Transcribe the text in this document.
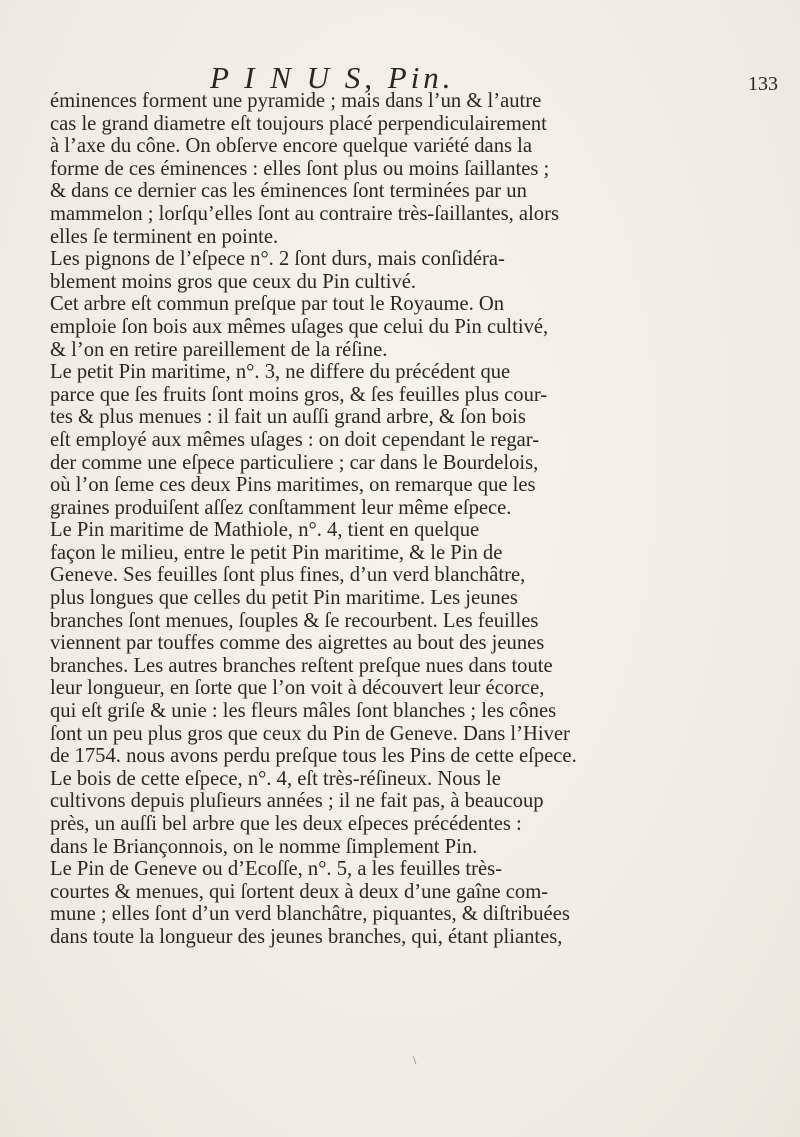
P I N U S, Pin.	133
éminences forment une pyramide ; mais dans l’un & l’autre
cas le grand diametre eſt toujours placé perpendiculairement
à l’axe du cône. On obſerve encore quelque variété dans la
forme de ces éminences : elles ſont plus ou moins ſaillantes ;
& dans ce dernier cas les éminences ſont terminées par un
mammelon ; lorſqu’elles ſont au contraire très-ſaillantes, alors
elles ſe terminent en pointe.
Les pignons de l’eſpece n°. 2 ſont durs, mais conſidéra-
blement moins gros que ceux du Pin cultivé.
Cet arbre eſt commun preſque par tout le Royaume. On
emploie ſon bois aux mêmes uſages que celui du Pin cultivé,
& l’on en retire pareillement de la réſine.
Le petit Pin maritime, n°. 3, ne differe du précédent que
parce que ſes fruits ſont moins gros, & ſes feuilles plus cour-
tes & plus menues : il fait un auſſi grand arbre, & ſon bois
eſt employé aux mêmes uſages : on doit cependant le regar-
der comme une eſpece particuliere ; car dans le Bourdelois,
où l’on ſeme ces deux Pins maritimes, on remarque que les
graines produiſent aſſez conſtamment leur même eſpece.
Le Pin maritime de Mathiole, n°. 4, tient en quelque
façon le milieu, entre le petit Pin maritime, & le Pin de
Geneve. Ses feuilles ſont plus fines, d’un verd blanchâtre,
plus longues que celles du petit Pin maritime. Les jeunes
branches ſont menues, ſouples & ſe recourbent. Les feuilles
viennent par touffes comme des aigrettes au bout des jeunes
branches. Les autres branches reſtent preſque nues dans toute
leur longueur, en ſorte que l’on voit à découvert leur écorce,
qui eſt griſe & unie : les fleurs mâles ſont blanches ; les cônes
ſont un peu plus gros que ceux du Pin de Geneve. Dans l’Hiver
de 1754. nous avons perdu preſque tous les Pins de cette eſpece.
Le bois de cette eſpece, n°. 4, eſt très-réſineux. Nous le
cultivons depuis pluſieurs années ; il ne fait pas, à beaucoup
près, un auſſi bel arbre que les deux eſpeces précédentes :
dans le Briançonnois, on le nomme ſimplement Pin.
Le Pin de Geneve ou d’Ecoſſe, n°. 5, a les feuilles très-
courtes & menues, qui ſortent deux à deux d’une gaîne com-
mune ; elles ſont d’un verd blanchâtre, piquantes, & diſtribuées
dans toute la longueur des jeunes branches, qui, étant pliantes,
\
